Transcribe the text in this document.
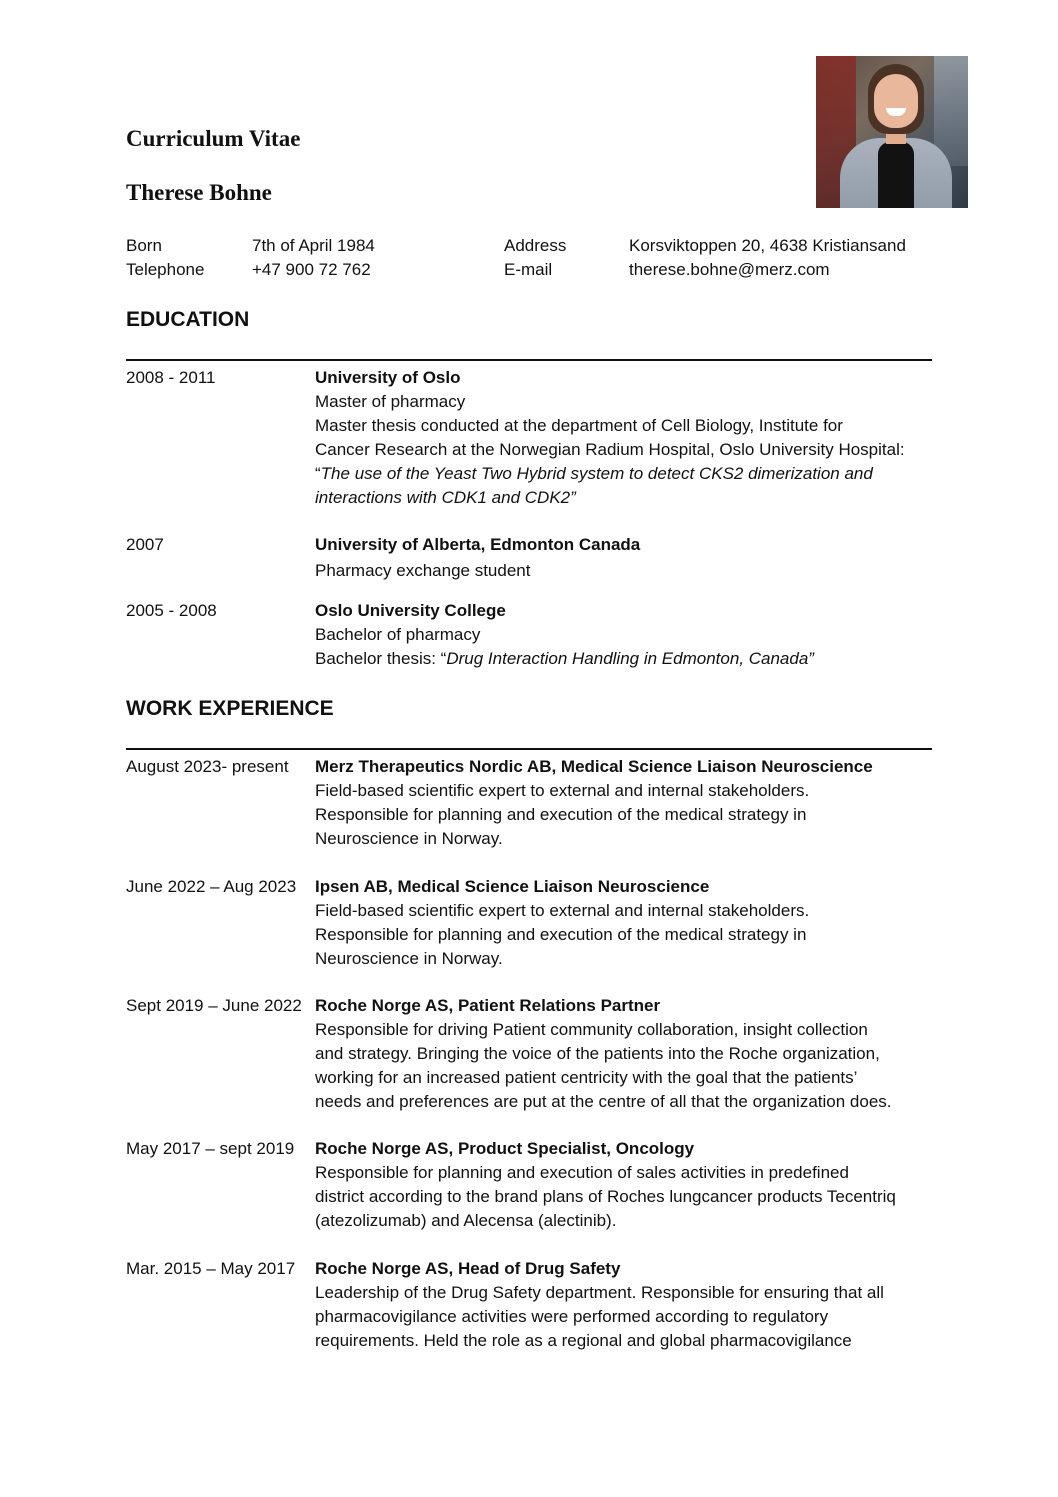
Curriculum Vitae
Therese Bohne
Born	7th of April 1984	Address	Korsviktoppen 20, 4638 Kristiansand
Telephone	+47 900 72 762	E-mail	therese.bohne@merz.com
EDUCATION
2008 - 2011	University of Oslo
Master of pharmacy
Master thesis conducted at the department of Cell Biology, Institute for
Cancer Research at the Norwegian Radium Hospital, Oslo University Hospital:
“The use of the Yeast Two Hybrid system to detect CKS2 dimerization and
interactions with CDK1 and CDK2”
2007	University of Alberta, Edmonton Canada
Pharmacy exchange student
2005 - 2008	Oslo University College
Bachelor of pharmacy
Bachelor thesis: “Drug Interaction Handling in Edmonton, Canada”
WORK EXPERIENCE
August 2023- present Merz Therapeutics Nordic AB, Medical Science Liaison Neuroscience
Field-based scientific expert to external and internal stakeholders.
Responsible for planning and execution of the medical strategy in
Neuroscience in Norway.
June 2022 – Aug 2023 Ipsen AB, Medical Science Liaison Neuroscience
Field-based scientific expert to external and internal stakeholders.
Responsible for planning and execution of the medical strategy in
Neuroscience in Norway.
Sept 2019 – June 2022 Roche Norge AS, Patient Relations Partner
Responsible for driving Patient community collaboration, insight collection
and strategy. Bringing the voice of the patients into the Roche organization,
working for an increased patient centricity with the goal that the patients’
needs and preferences are put at the centre of all that the organization does.
May 2017 – sept 2019 Roche Norge AS, Product Specialist, Oncology
Responsible for planning and execution of sales activities in predefined
district according to the brand plans of Roches lungcancer products Tecentriq
(atezolizumab) and Alecensa (alectinib).
Mar. 2015 – May 2017 Roche Norge AS, Head of Drug Safety
Leadership of the Drug Safety department. Responsible for ensuring that all
pharmacovigilance activities were performed according to regulatory
requirements. Held the role as a regional and global pharmacovigilance
